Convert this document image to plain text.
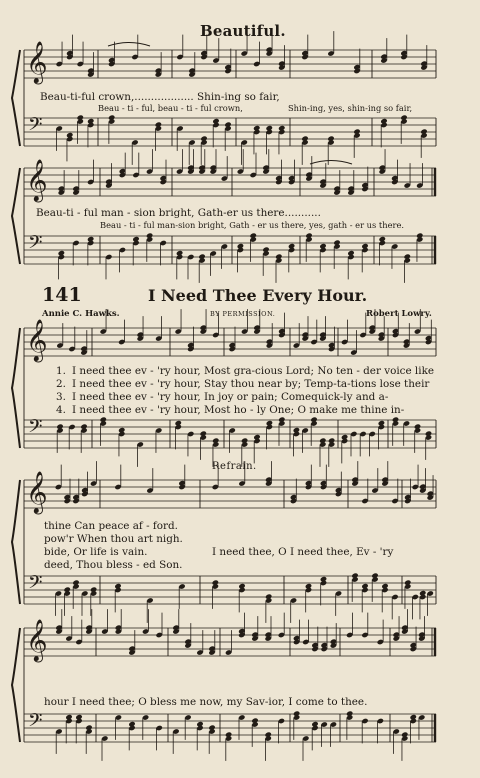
𝄞
𝄢
𝄞
𝄢
𝄞
𝄢
𝄞
𝄢
𝄞
𝄢
Beautiful.
Beau-ti-ful crown,.................. Shin-ing so fair,
Beau - ti - ful, beau - ti - ful crown,	Shin-ing, yes, shin-ing so fair,
Beau-ti - ful man - sion bright, Gath-er us there...........
Beau - ti - ful man-sion bright, Gath - er us there, yes, gath - er us there.
141	I Need Thee Every Hour.
Annie C. Hawks.	BY PERMISSION.	Robert Lowry.
1. I need thee ev - 'ry hour, Most gra-cious Lord; No ten - der voice like
2. I need thee ev - 'ry hour, Stay thou near by; Temp-ta-tions lose their
3. I need thee ev - 'ry hour, In joy or pain; Comequick-ly and a-
4. I need thee ev - 'ry hour, Most ho - ly One; O make me thine in-
Refrain.
thine Can peace af - ford.
pow'r When thou art nigh.
bide, Or life is vain.
deed, Thou bless - ed Son.
I need thee, O I need thee, Ev - 'ry
hour I need thee; O bless me now, my Sav-ior, I come to thee.
